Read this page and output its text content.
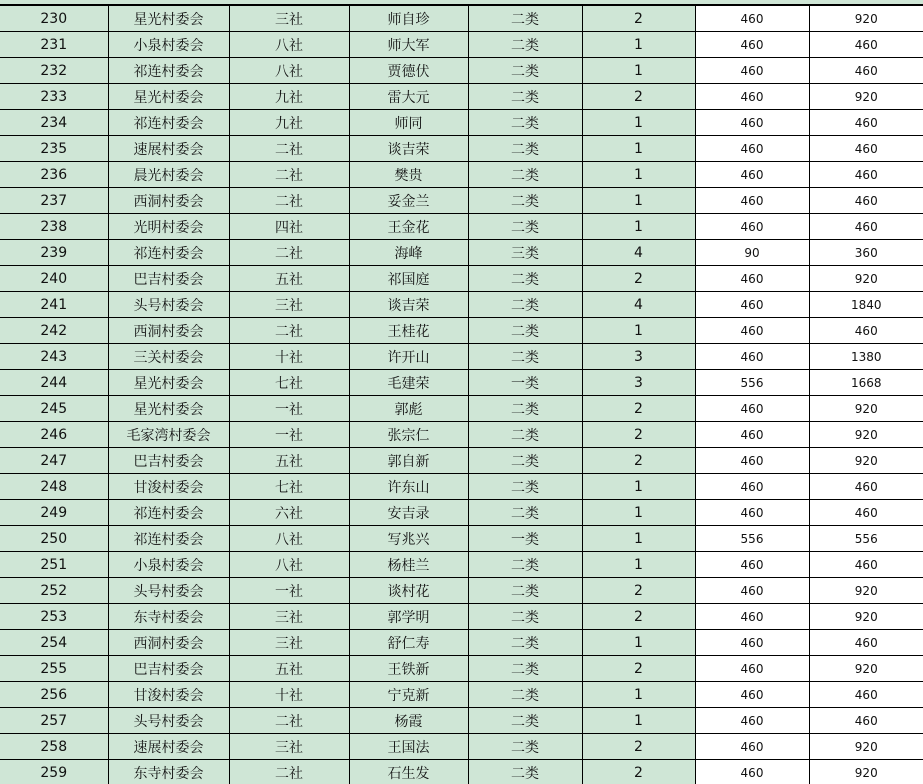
230	星光村委会	三社	师自珍	二类	2	460	920
231	小泉村委会	八社	师大军	二类	1	460	460
232	祁连村委会	八社	贾德伏	二类	1	460	460
233	星光村委会	九社	雷大元	二类	2	460	920
234	祁连村委会	九社	师同	二类	1	460	460
235	速展村委会	二社	谈吉荣	二类	1	460	460
236	晨光村委会	二社	樊贵	二类	1	460	460
237	西洞村委会	二社	妥金兰	二类	1	460	460
238	光明村委会	四社	王金花	二类	1	460	460
239	祁连村委会	二社	海峰	三类	4	90	360
240	巴吉村委会	五社	祁国庭	二类	2	460	920
241	头号村委会	三社	谈吉荣	二类	4	460	1840
242	西洞村委会	二社	王桂花	二类	1	460	460
243	三关村委会	十社	许开山	二类	3	460	1380
244	星光村委会	七社	毛建荣	一类	3	556	1668
245	星光村委会	一社	郭彪	二类	2	460	920
246	毛家湾村委会	一社	张宗仁	二类	2	460	920
247	巴吉村委会	五社	郭自新	二类	2	460	920
248	甘浚村委会	七社	许东山	二类	1	460	460
249	祁连村委会	六社	安吉录	二类	1	460	460
250	祁连村委会	八社	写兆兴	一类	1	556	556
251	小泉村委会	八社	杨桂兰	二类	1	460	460
252	头号村委会	一社	谈村花	二类	2	460	920
253	东寺村委会	三社	郭学明	二类	2	460	920
254	西洞村委会	三社	舒仁寿	二类	1	460	460
255	巴吉村委会	五社	王铁新	二类	2	460	920
256	甘浚村委会	十社	宁克新	二类	1	460	460
257	头号村委会	二社	杨霞	二类	1	460	460
258	速展村委会	三社	王国法	二类	2	460	920
259	东寺村委会	二社	石生发	二类	2	460	920
